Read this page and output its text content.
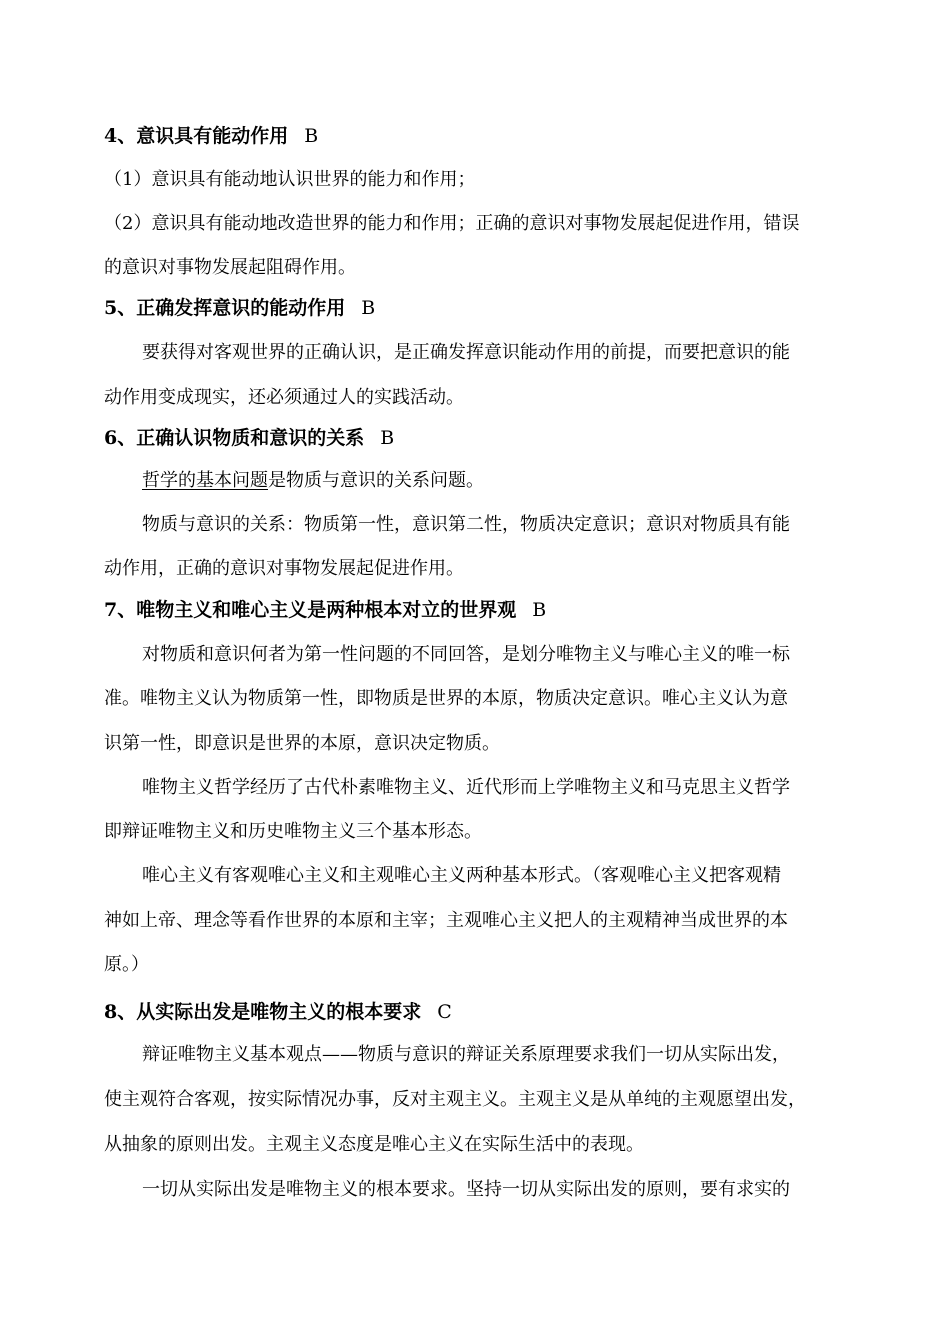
4、意识具有能动作用 B
（1）意识具有能动地认识世界的能力和作用；
（2）意识具有能动地改造世界的能力和作用；正确的意识对事物发展起促进作用，错误
的意识对事物发展起阻碍作用。
5、正确发挥意识的能动作用 B
要获得对客观世界的正确认识，是正确发挥意识能动作用的前提，而要把意识的能
动作用变成现实，还必须通过人的实践活动。
6、正确认识物质和意识的关系 B
哲学的基本问题是物质与意识的关系问题。
物质与意识的关系：物质第一性，意识第二性，物质决定意识；意识对物质具有能
动作用，正确的意识对事物发展起促进作用。
7、唯物主义和唯心主义是两种根本对立的世界观 B
对物质和意识何者为第一性问题的不同回答，是划分唯物主义与唯心主义的唯一标
准。唯物主义认为物质第一性，即物质是世界的本原，物质决定意识。唯心主义认为意
识第一性，即意识是世界的本原，意识决定物质。
唯物主义哲学经历了古代朴素唯物主义、近代形而上学唯物主义和马克思主义哲学
即辩证唯物主义和历史唯物主义三个基本形态。
唯心主义有客观唯心主义和主观唯心主义两种基本形式。（客观唯心主义把客观精
神如上帝、理念等看作世界的本原和主宰；主观唯心主义把人的主观精神当成世界的本
原。）
8、从实际出发是唯物主义的根本要求 C
辩证唯物主义基本观点——物质与意识的辩证关系原理要求我们一切从实际出发，
使主观符合客观，按实际情况办事，反对主观主义。主观主义是从单纯的主观愿望出发，
从抽象的原则出发。主观主义态度是唯心主义在实际生活中的表现。
一切从实际出发是唯物主义的根本要求。坚持一切从实际出发的原则，要有求实的
